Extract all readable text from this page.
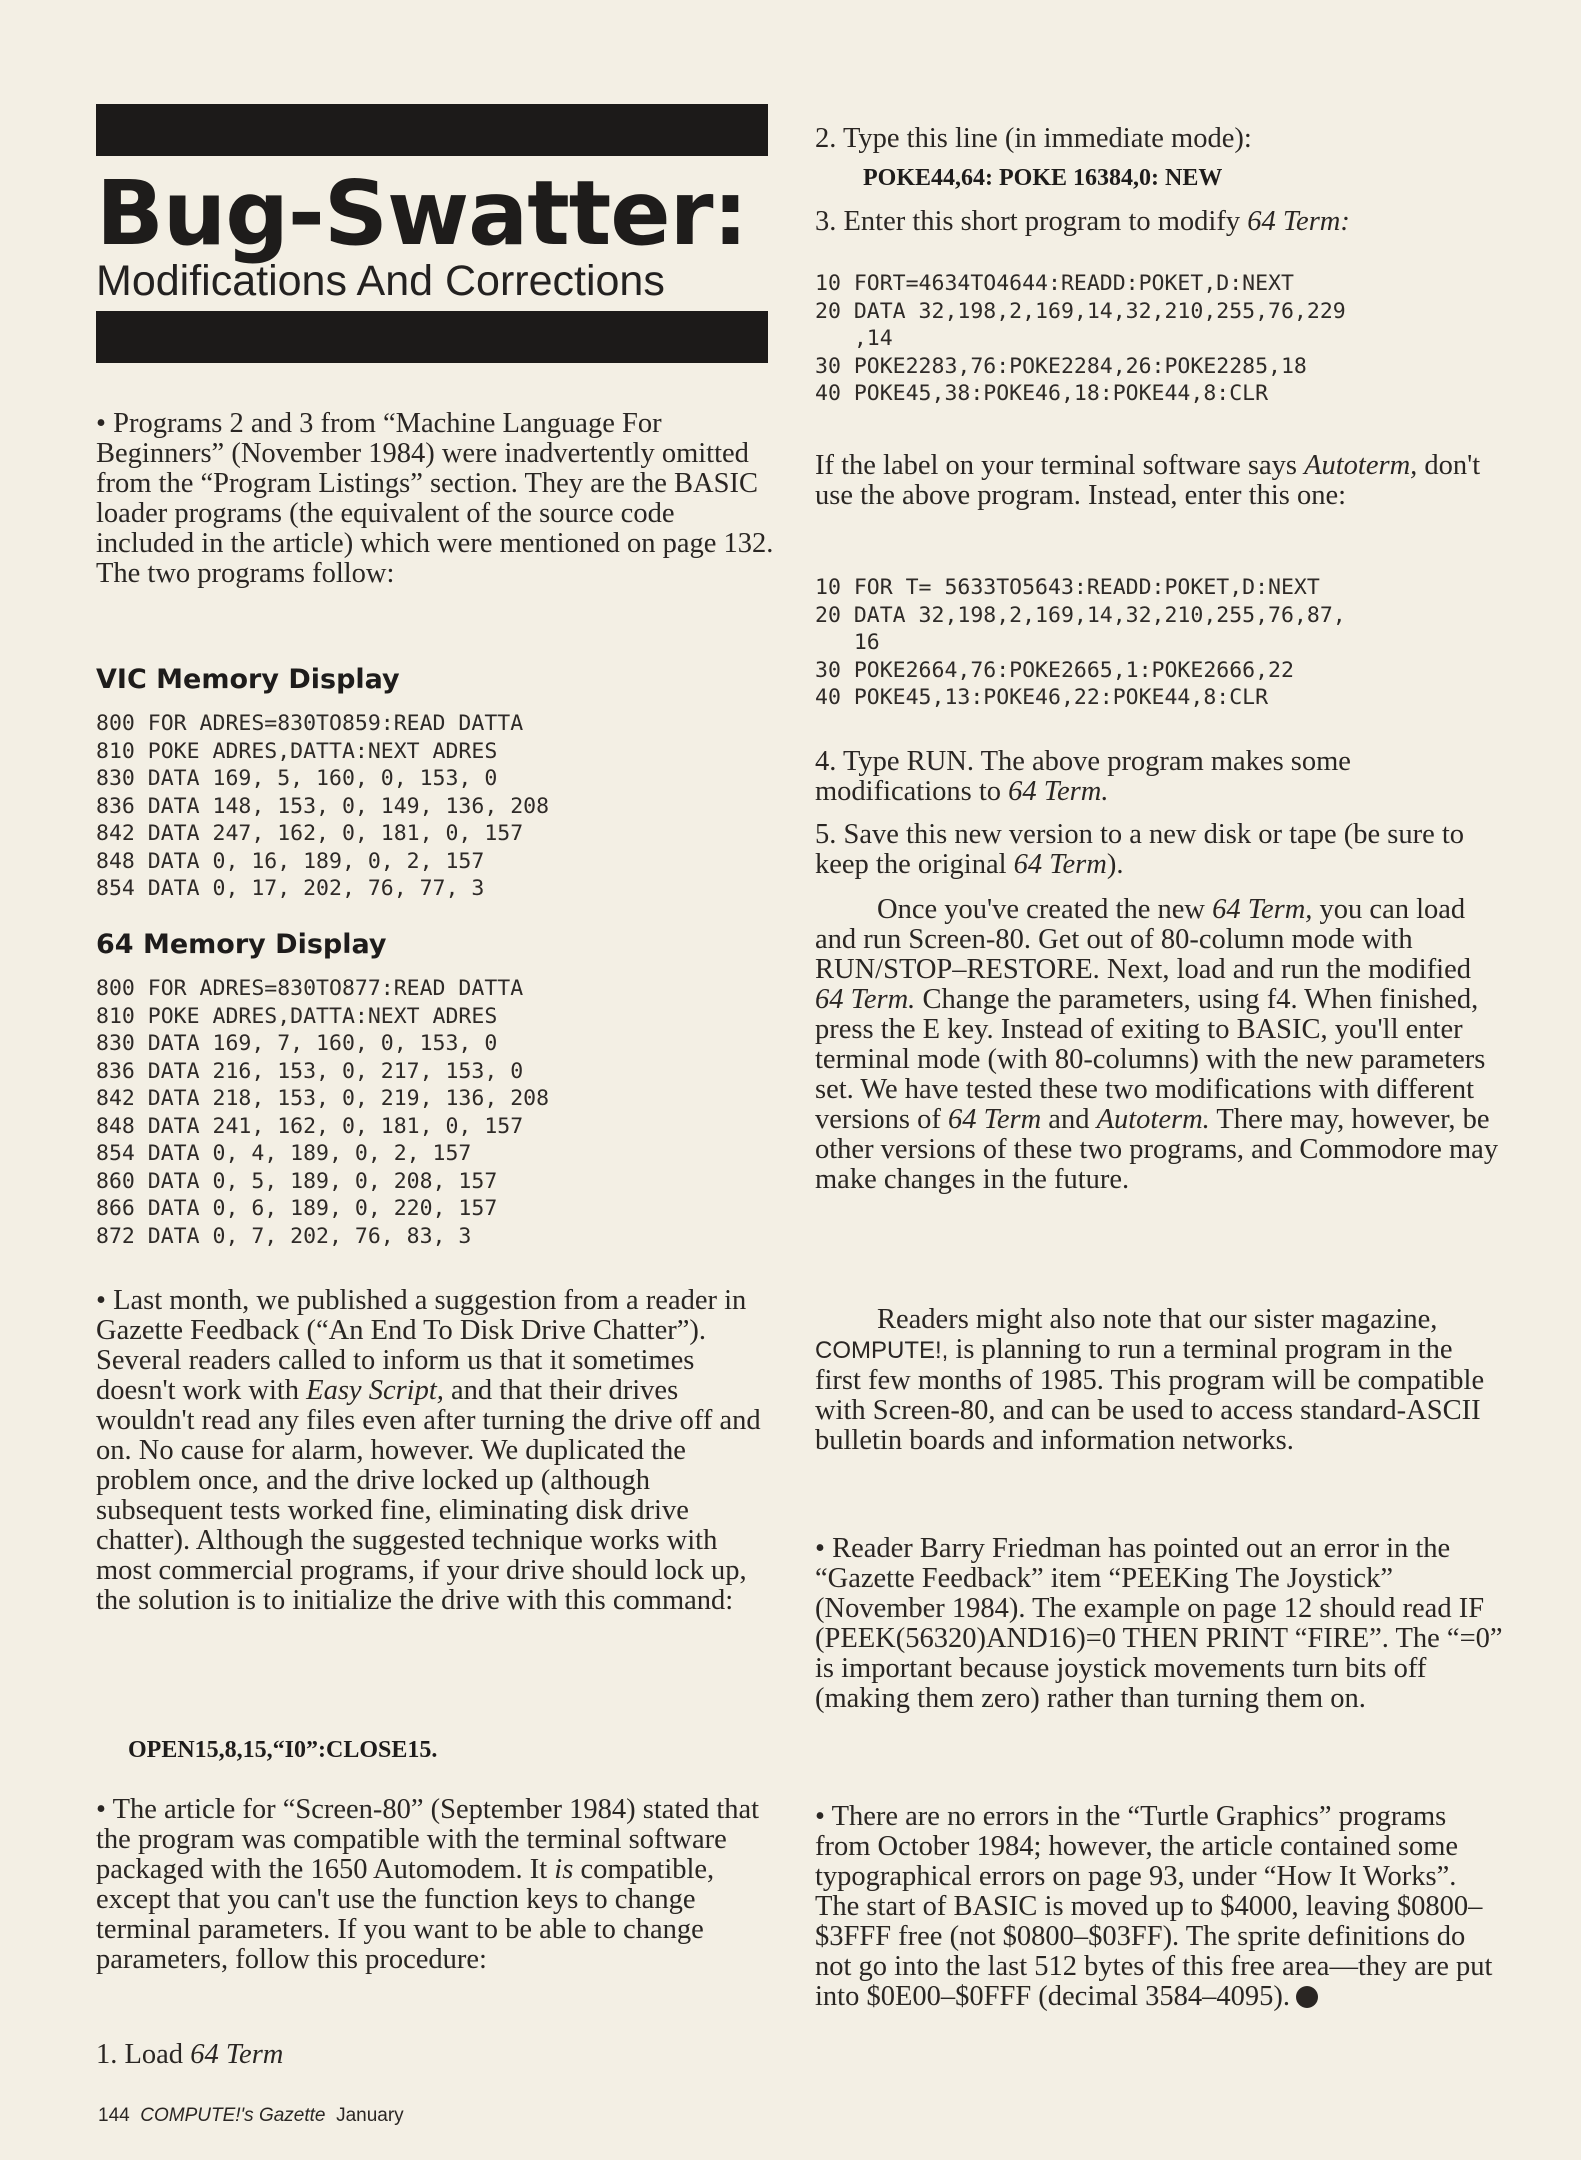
Bug-Swatter:
Modifications And Corrections

• Programs 2 and 3 from “Machine Language For Beginners” (November 1984) were inadvertently omitted from the “Program Listings” section. They are the BASIC loader programs (the equivalent of the source code included in the article) which were mentioned on page 132. The two programs follow:

VIC Memory Display
800 FOR ADRES=830TO859:READ DATTA
810 POKE ADRES,DATTA:NEXT ADRES
830 DATA 169, 5, 160, 0, 153, 0
836 DATA 148, 153, 0, 149, 136, 208
842 DATA 247, 162, 0, 181, 0, 157
848 DATA 0, 16, 189, 0, 2, 157
854 DATA 0, 17, 202, 76, 77, 3
64 Memory Display
800 FOR ADRES=830TO877:READ DATTA
810 POKE ADRES,DATTA:NEXT ADRES
830 DATA 169, 7, 160, 0, 153, 0
836 DATA 216, 153, 0, 217, 153, 0
842 DATA 218, 153, 0, 219, 136, 208
848 DATA 241, 162, 0, 181, 0, 157
854 DATA 0, 4, 189, 0, 2, 157
860 DATA 0, 5, 189, 0, 208, 157
866 DATA 0, 6, 189, 0, 220, 157
872 DATA 0, 7, 202, 76, 83, 3

• Last month, we published a suggestion from a reader in Gazette Feedback (“An End To Disk Drive Chatter”). Several readers called to inform us that it sometimes doesn't work with Easy Script, and that their drives wouldn't read any files even after turning the drive off and on. No cause for alarm, however. We duplicated the problem once, and the drive locked up (although subsequent tests worked fine, eliminating disk drive chatter). Although the suggested technique works with most commercial programs, if your drive should lock up, the solution is to initialize the drive with this command:

OPEN15,8,15,“I0”:CLOSE15.

• The article for “Screen-80” (September 1984) stated that the program was compatible with the terminal software packaged with the 1650 Automodem. It is compatible, except that you can't use the function keys to change terminal parameters. If you want to be able to change parameters, follow this procedure:

1. Load 64 Term

2. Type this line (in immediate mode):

POKE44,64: POKE 16384,0: NEW

3. Enter this short program to modify 64 Term:

10 FORT=4634TO4644:READD:POKET,D:NEXT
20 DATA 32,198,2,169,14,32,210,255,76,229
,14
30 POKE2283,76:POKE2284,26:POKE2285,18
40 POKE45,38:POKE46,18:POKE44,8:CLR

If the label on your terminal software says Autoterm, don't use the above program. Instead, enter this one:

10 FOR T= 5633TO5643:READD:POKET,D:NEXT
20 DATA 32,198,2,169,14,32,210,255,76,87,
16
30 POKE2664,76:POKE2665,1:POKE2666,22
40 POKE45,13:POKE46,22:POKE44,8:CLR

4. Type RUN. The above program makes some modifications to 64 Term.

5. Save this new version to a new disk or tape (be sure to keep the original 64 Term).

Once you've created the new 64 Term, you can load and run Screen-80. Get out of 80-column mode with RUN/STOP–RESTORE. Next, load and run the modified 64 Term. Change the parameters, using f4. When finished, press the E key. Instead of exiting to BASIC, you'll enter terminal mode (with 80-columns) with the new parameters set. We have tested these two modifications with different versions of 64 Term and Autoterm. There may, however, be other versions of these two programs, and Commodore may make changes in the future.

Readers might also note that our sister magazine, COMPUTE!, is planning to run a terminal program in the first few months of 1985. This program will be compatible with Screen-80, and can be used to access standard-ASCII bulletin boards and information networks.

• Reader Barry Friedman has pointed out an error in the “Gazette Feedback” item “PEEKing The Joystick” (November 1984). The example on page 12 should read IF (PEEK(56320)AND16)=0 THEN PRINT “FIRE”. The “=0” is important because joystick movements turn bits off (making them zero) rather than turning them on.

• There are no errors in the “Turtle Graphics” programs from October 1984; however, the article contained some typographical errors on page 93, under “How It Works”. The start of BASIC is moved up to $4000, leaving $0800–$3FFF free (not $0800–$03FF). The sprite definitions do not go into the last 512 bytes of this free area—they are put into $0E00–$0FFF (decimal 3584–4095).

144 COMPUTE!'s Gazette January
